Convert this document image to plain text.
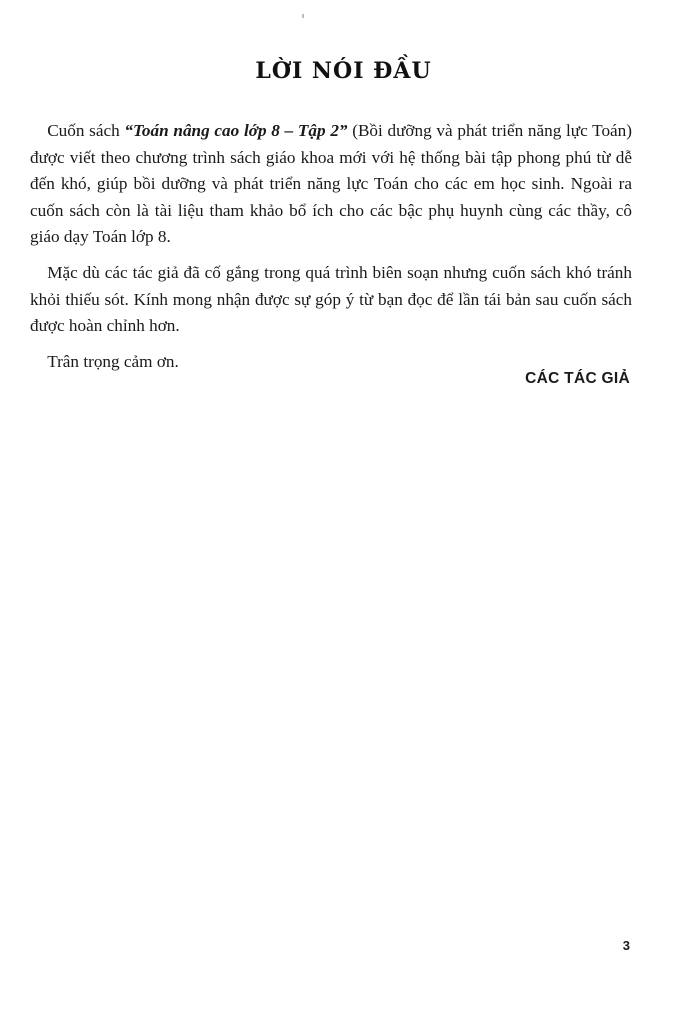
LỜI NÓI ĐẦU

 Cuốn sách “Toán nâng cao lớp 8 – Tập 2” (Bồi dưỡng và phát triển năng lực Toán) được viết theo chương trình sách giáo khoa mới với hệ thống bài tập phong phú từ dễ đến khó, giúp bồi dưỡng và phát triển năng lực Toán cho các em học sinh. Ngoài ra cuốn sách còn là tài liệu tham khảo bổ ích cho các bậc phụ huynh cùng các thầy, cô giáo dạy Toán lớp 8.

 Mặc dù các tác giả đã cố gắng trong quá trình biên soạn nhưng cuốn sách khó tránh khỏi thiếu sót. Kính mong nhận được sự góp ý từ bạn đọc để lần tái bản sau cuốn sách được hoàn chỉnh hơn.

 Trân trọng cảm ơn.

CÁC TÁC GIẢ
3
